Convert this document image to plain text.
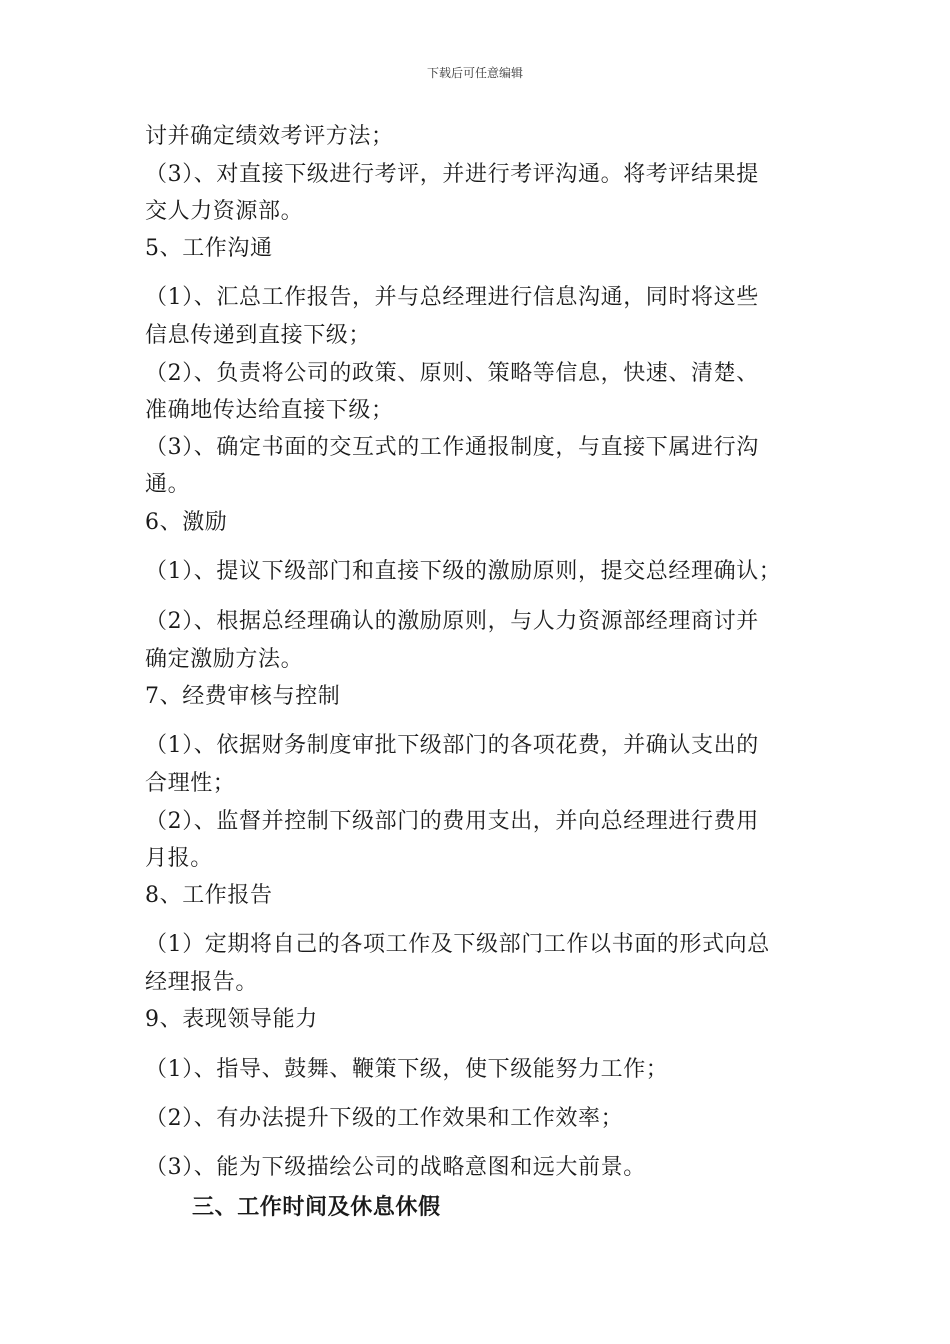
下载后可任意编辑
讨并确定绩效考评方法；
（3）、对直接下级进行考评，并进行考评沟通。将考评结果提
交人力资源部。
5、工作沟通
（1）、汇总工作报告，并与总经理进行信息沟通，同时将这些
信息传递到直接下级；
（2）、负责将公司的政策、原则、策略等信息，快速、清楚、
准确地传达给直接下级；
（3）、确定书面的交互式的工作通报制度，与直接下属进行沟
通。
6、激励
（1）、提议下级部门和直接下级的激励原则，提交总经理确认；
（2）、根据总经理确认的激励原则，与人力资源部经理商讨并
确定激励方法。
7、经费审核与控制
（1）、依据财务制度审批下级部门的各项花费，并确认支出的
合理性；
（2）、监督并控制下级部门的费用支出，并向总经理进行费用
月报。
8、工作报告
（1）定期将自己的各项工作及下级部门工作以书面的形式向总
经理报告。
9、表现领导能力
（1）、指导、鼓舞、鞭策下级，使下级能努力工作；
（2）、有办法提升下级的工作效果和工作效率；
（3）、能为下级描绘公司的战略意图和远大前景。
三、工作时间及休息休假
